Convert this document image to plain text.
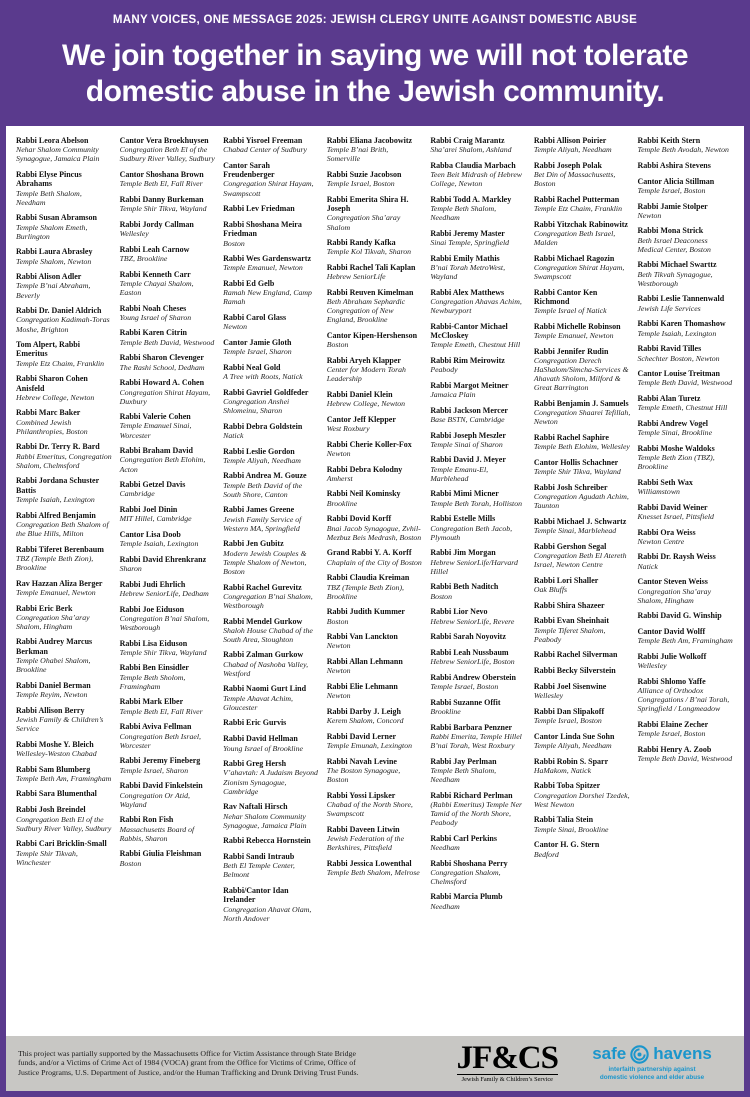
MANY VOICES, ONE MESSAGE 2025: JEWISH CLERGY UNITE AGAINST DOMESTIC ABUSE
We join together in saying we will not tolerate
domestic abuse in the Jewish community.
Rabbi Leora Abelson
Nehar Shalom Community Synagogue, Jamaica Plain
Rabbi Elyse Pincus Abrahams
Temple Beth Shalom, Needham
Rabbi Susan Abramson
Temple Shalom Emeth, Burlington
Rabbi Laura Abrasley
Temple Shalom, Newton
Rabbi Alison Adler
Temple B’nai Abraham, Beverly
Rabbi Dr. Daniel Aldrich
Congregation Kadimah-Toras Moshe, Brighton
Tom Alpert, Rabbi Emeritus
Temple Etz Chaim, Franklin
Rabbi Sharon Cohen Anisfeld
Hebrew College, Newton
Rabbi Marc Baker
Combined Jewish Philanthropies, Boston
Rabbi Dr. Terry R. Bard
Rabbi Emeritus, Congregation Shalom, Chelmsford
Rabbi Jordana Schuster Battis
Temple Isaiah, Lexington
Rabbi Alfred Benjamin
Congregation Beth Shalom of the Blue Hills, Milton
Rabbi Tiferet Berenbaum
TBZ (Temple Beth Zion), Brookline
Rav Hazzan Aliza Berger
Temple Emanuel, Newton
Rabbi Eric Berk
Congregation Sha’aray Shalom, Hingham
Rabbi Audrey Marcus Berkman
Temple Ohabei Shalom, Brookline
Rabbi Daniel Berman
Temple Reyim, Newton
Rabbi Allison Berry
Jewish Family & Children’s Service
Rabbi Moshe Y. Bleich
Wellesley-Weston Chabad
Rabbi Sam Blumberg
Temple Beth Am, Framingham
Rabbi Sara Blumenthal
Rabbi Josh Breindel
Congregation Beth El of the Sudbury River Valley, Sudbury
Rabbi Cari Bricklin-Small
Temple Shir Tikvah, Winchester
Cantor Vera Broekhuysen
Congregation Beth El of the Sudbury River Valley, Sudbury
Cantor Shoshana Brown
Temple Beth El, Fall River
Rabbi Danny Burkeman
Temple Shir Tikva, Wayland
Rabbi Jordy Callman
Wellesley
Rabbi Leah Carnow
TBZ, Brookline
Rabbi Kenneth Carr
Temple Chayai Shalom, Easton
Rabbi Noah Cheses
Young Israel of Sharon
Rabbi Karen Citrin
Temple Beth David, Westwood
Rabbi Sharon Clevenger
The Rashi School, Dedham
Rabbi Howard A. Cohen
Congregation Shirat Hayam, Duxbury
Rabbi Valerie Cohen
Temple Emanuel Sinai, Worcester
Rabbi Braham David
Congregation Beth Elohim, Acton
Rabbi Getzel Davis
Cambridge
Rabbi Joel Dinin
MIT Hillel, Cambridge
Cantor Lisa Doob
Temple Isaiah, Lexington
Rabbi David Ehrenkranz
Sharon
Rabbi Judi Ehrlich
Hebrew SeniorLife, Dedham
Rabbi Joe Eiduson
Congregation B’nai Shalom, Westborough
Rabbi Lisa Eiduson
Temple Shir Tikva, Wayland
Rabbi Ben Einsidler
Temple Beth Sholom, Framingham
Rabbi Mark Elber
Temple Beth El, Fall River
Rabbi Aviva Fellman
Congregation Beth Israel, Worcester
Rabbi Jeremy Fineberg
Temple Israel, Sharon
Rabbi David Finkelstein
Congregation Or Atid, Wayland
Rabbi Ron Fish
Massachusetts Board of Rabbis, Sharon
Rabbi Giulia Fleishman
Boston
Rabbi Yisroel Freeman
Chabad Center of Sudbury
Cantor Sarah Freudenberger
Congregation Shirat Hayam, Swampscott
Rabbi Lev Friedman
Rabbi Shoshana Meira Friedman
Boston
Rabbi Wes Gardenswartz
Temple Emanuel, Newton
Rabbi Ed Gelb
Ramah New England, Camp Ramah
Rabbi Carol Glass
Newton
Cantor Jamie Gloth
Temple Israel, Sharon
Rabbi Neal Gold
A Tree with Roots, Natick
Rabbi Gavriel Goldfeder
Congregation Anshei Shlomeinu, Sharon
Rabbi Debra Goldstein
Natick
Rabbi Leslie Gordon
Temple Aliyah, Needham
Rabbi Andrea M. Gouze
Temple Beth David of the South Shore, Canton
Rabbi James Greene
Jewish Family Service of Western MA, Springfield
Rabbi Jen Gubitz
Modern Jewish Couples & Temple Shalom of Newton, Boston
Rabbi Rachel Gurevitz
Congregation B’nai Shalom, Westborough
Rabbi Mendel Gurkow
Shaloh House Chabad of the South Area, Stoughton
Rabbi Zalman Gurkow
Chabad of Nashoba Valley, Westford
Rabbi Naomi Gurt Lind
Temple Ahavat Achim, Gloucester
Rabbi Eric Gurvis
Rabbi David Hellman
Young Israel of Brookline
Rabbi Greg Hersh
V’ahavtah: A Judaism Beyond Zionism Synagogue, Cambridge
Rav Naftali Hirsch
Nehar Shalom Community Synagogue, Jamaica Plain
Rabbi Rebecca Hornstein
Rabbi Sandi Intraub
Beth El Temple Center, Belmont
Rabbi/Cantor Idan Irelander
Congregation Ahavat Olam, North Andover
Rabbi Eliana Jacobowitz
Temple B’nai Brith, Somerville
Rabbi Suzie Jacobson
Temple Israel, Boston
Rabbi Emerita Shira H. Joseph
Congregation Sha’aray Shalom
Rabbi Randy Kafka
Temple Kol Tikvah, Sharon
Rabbi Rachel Tali Kaplan
Hebrew SeniorLife
Rabbi Reuven Kimelman
Beth Abraham Sephardic Congregation of New England, Brookline
Cantor Kipen-Hershenson
Boston
Rabbi Aryeh Klapper
Center for Modern Torah Leadership
Rabbi Daniel Klein
Hebrew College, Newton
Cantor Jeff Klepper
West Roxbury
Rabbi Cherie Koller-Fox
Newton
Rabbi Debra Kolodny
Amherst
Rabbi Neil Kominsky
Brookline
Rabbi Dovid Korff
Bnai Jacob Synagogue, Zvhil-Mezbuz Beis Medrash, Boston
Grand Rabbi Y. A. Korff
Chaplain of the City of Boston
Rabbi Claudia Kreiman
TBZ (Temple Beth Zion), Brookline
Rabbi Judith Kummer
Boston
Rabbi Van Lanckton
Newton
Rabbi Allan Lehmann
Newton
Rabbi Elie Lehmann
Newton
Rabbi Darby J. Leigh
Kerem Shalom, Concord
Rabbi David Lerner
Temple Emunah, Lexington
Rabbi Navah Levine
The Boston Synagogue, Boston
Rabbi Yossi Lipsker
Chabad of the North Shore, Swampscott
Rabbi Daveen Litwin
Jewish Federation of the Berkshires, Pittsfield
Rabbi Jessica Lowenthal
Temple Beth Shalom, Melrose
Rabbi Craig Marantz
Sha’arei Shalom, Ashland
Rabba Claudia Marbach
Teen Beit Midrash of Hebrew College, Newton
Rabbi Todd A. Markley
Temple Beth Shalom, Needham
Rabbi Jeremy Master
Sinai Temple, Springfield
Rabbi Emily Mathis
B’nai Torah MetroWest, Wayland
Rabbi Alex Matthews
Congregation Ahavas Achim, Newburyport
Rabbi-Cantor Michael McCloskey
Temple Emeth, Chestnut Hill
Rabbi Rim Meirowitz
Peabody
Rabbi Margot Meitner
Jamaica Plain
Rabbi Jackson Mercer
Base BSTN, Cambridge
Rabbi Joseph Meszler
Temple Sinai of Sharon
Rabbi David J. Meyer
Temple Emanu-El, Marblehead
Rabbi Mimi Micner
Temple Beth Torah, Holliston
Rabbi Estelle Mills
Congregation Beth Jacob, Plymouth
Rabbi Jim Morgan
Hebrew SeniorLife/Harvard Hillel
Rabbi Beth Naditch
Boston
Rabbi Lior Nevo
Hebrew SeniorLife, Revere
Rabbi Sarah Noyovitz
Rabbi Leah Nussbaum
Hebrew SeniorLife, Boston
Rabbi Andrew Oberstein
Temple Israel, Boston
Rabbi Suzanne Offit
Brookline
Rabbi Barbara Penzner
Rabbi Emerita, Temple Hillel B’nai Torah, West Roxbury
Rabbi Jay Perlman
Temple Beth Shalom, Needham
Rabbi Richard Perlman
(Rabbi Emeritus) Temple Ner Tamid of the North Shore, Peabody
Rabbi Carl Perkins
Needham
Rabbi Shoshana Perry
Congregation Shalom, Chelmsford
Rabbi Marcia Plumb
Needham
Rabbi Allison Poirier
Temple Aliyah, Needham
Rabbi Joseph Polak
Bet Din of Massachusetts, Boston
Rabbi Rachel Putterman
Temple Etz Chaim, Franklin
Rabbi Yitzchak Rabinowitz
Congregation Beth Israel, Malden
Rabbi Michael Ragozin
Congregation Shirat Hayam, Swampscott
Rabbi Cantor Ken Richmond
Temple Israel of Natick
Rabbi Michelle Robinson
Temple Emanuel, Newton
Rabbi Jennifer Rudin
Congregation Derech HaShalom/Simcha-Services & Ahavath Sholom, Milford & Great Barrington
Rabbi Benjamin J. Samuels
Congregation Shaarei Tefillah, Newton
Rabbi Rachel Saphire
Temple Beth Elohim, Wellesley
Cantor Hollis Schachner
Temple Shir Tikva, Wayland
Rabbi Josh Schreiber
Congregation Agudath Achim, Taunton
Rabbi Michael J. Schwartz
Temple Sinai, Marblehead
Rabbi Gershon Segal
Congregation Beth El Atereth Israel, Newton Centre
Rabbi Lori Shaller
Oak Bluffs
Rabbi Shira Shazeer
Rabbi Evan Sheinhait
Temple Tiferet Shalom, Peabody
Rabbi Rachel Silverman
Rabbi Becky Silverstein
Rabbi Joel Sisenwine
Wellesley
Rabbi Dan Slipakoff
Temple Israel, Boston
Cantor Linda Sue Sohn
Temple Aliyah, Needham
Rabbi Robin S. Sparr
HaMakom, Natick
Rabbi Toba Spitzer
Congregation Dorshei Tzedek, West Newton
Rabbi Talia Stein
Temple Sinai, Brookline
Cantor H. G. Stern
Bedford
Rabbi Keith Stern
Temple Beth Avodah, Newton
Rabbi Ashira Stevens
Cantor Alicia Stillman
Temple Israel, Boston
Rabbi Jamie Stolper
Newton
Rabbi Mona Strick
Beth Israel Deaconess Medical Center, Boston
Rabbi Michael Swarttz
Beth Tikvah Synagogue, Westborough
Rabbi Leslie Tannenwald
Jewish Life Services
Rabbi Karen Thomashow
Temple Isaiah, Lexington
Rabbi Ravid Tilles
Schechter Boston, Newton
Cantor Louise Treitman
Temple Beth David, Westwood
Rabbi Alan Turetz
Temple Emeth, Chestnut Hill
Rabbi Andrew Vogel
Temple Sinai, Brookline
Rabbi Moshe Waldoks
Temple Beth Zion (TBZ), Brookline
Rabbi Seth Wax
Williamstown
Rabbi David Weiner
Knesset Israel, Pittsfield
Rabbi Ora Weiss
Newton Centre
Rabbi Dr. Raysh Weiss
Natick
Cantor Steven Weiss
Congregation Sha’aray Shalom, Hingham
Rabbi David G. Winship
Cantor David Wolff
Temple Beth Am, Framingham
Rabbi Julie Wolkoff
Wellesley
Rabbi Shlomo Yaffe
Alliance of Orthodox Congregations / B’nai Torah, Springfield / Longmeadow
Rabbi Elaine Zecher
Temple Israel, Boston
Rabbi Henry A. Zoob
Temple Beth David, Westwood

This project was partially supported by the Massachusetts Office for Victim Assistance through State Bridge funds, and/or a Victims of Crime Act of 1984 (VOCA) grant from the Office for Victims of Crime, Office of Justice Programs, U.S. Department of Justice, and/or the Human Trafficking and Drunk Driving Trust Funds.	JF&CS
Jewish Family & Children’s Service
safe havens
interfaith partnership against
domestic violence and elder abuse
